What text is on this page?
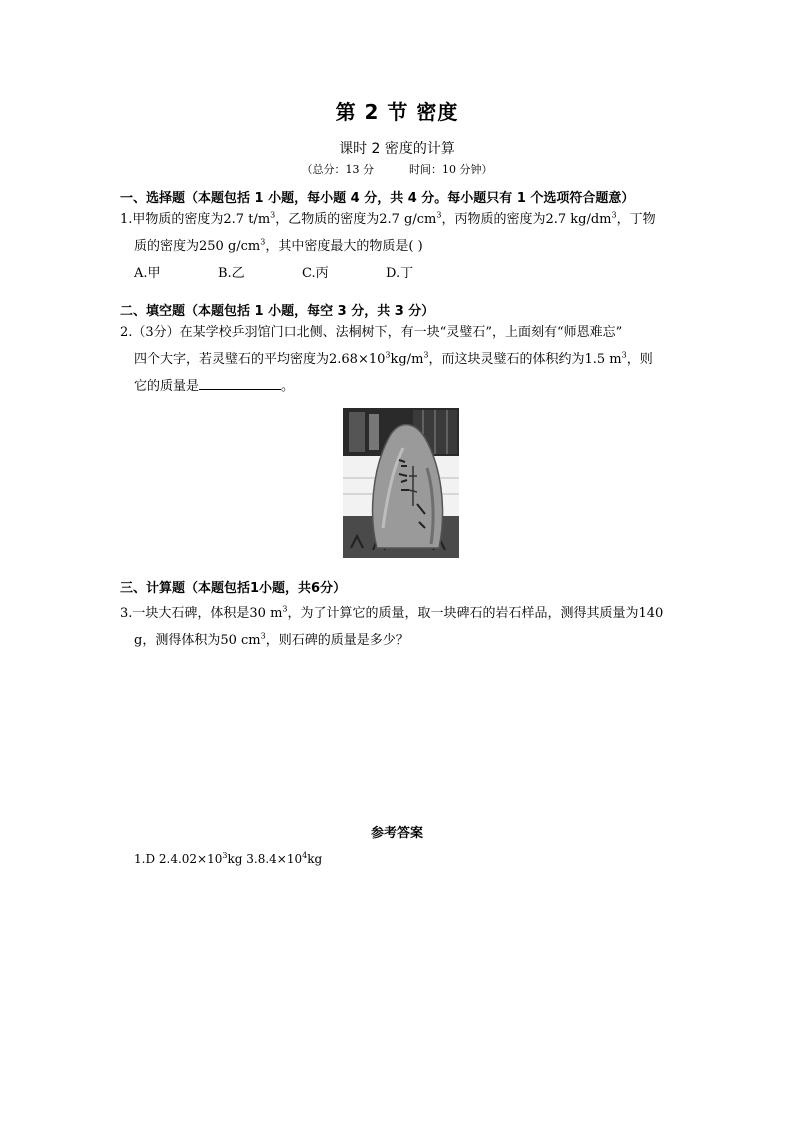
第 2 节 密度
课时 2 密度的计算
（总分：13 分          时间：10 分钟）
一、选择题（本题包括 1 小题，每小题 4 分，共 4 分。每小题只有 1 个选项符合题意）
1.甲物质的密度为2.7 $t/m^3$，乙物质的密度为2.7 $g/cm^3$，丙物质的密度为2.7 $kg/dm^3$，丁物
质的密度为250 $g/cm^3$，其中密度最大的物质是( )
A.甲	B.乙	C.丙	D.丁
二、填空题（本题包括 1 小题，每空 3 分，共 3 分）
2.（3分）在某学校乒羽馆门口北侧、法桐树下，有一块“灵璧石”，上面刻有“师恩难忘”
四个大字，若灵璧石的平均密度为$2.68\times 10^3kg/m^3$，而这块灵璧石的体积约为1.5 $m^3$，则
它的质量是	。
三、计算题（本题包括1小题，共6分）
3.一块大石碑，体积是30 $m^3$，为了计算它的质量，取一块碑石的岩石样品，测得其质量为140
g，测得体积为50 $cm^3$，则石碑的质量是多少？
参考答案
1.D $2.4.02\times 10^3kg$ $3.8.4\times 10^4kg$
